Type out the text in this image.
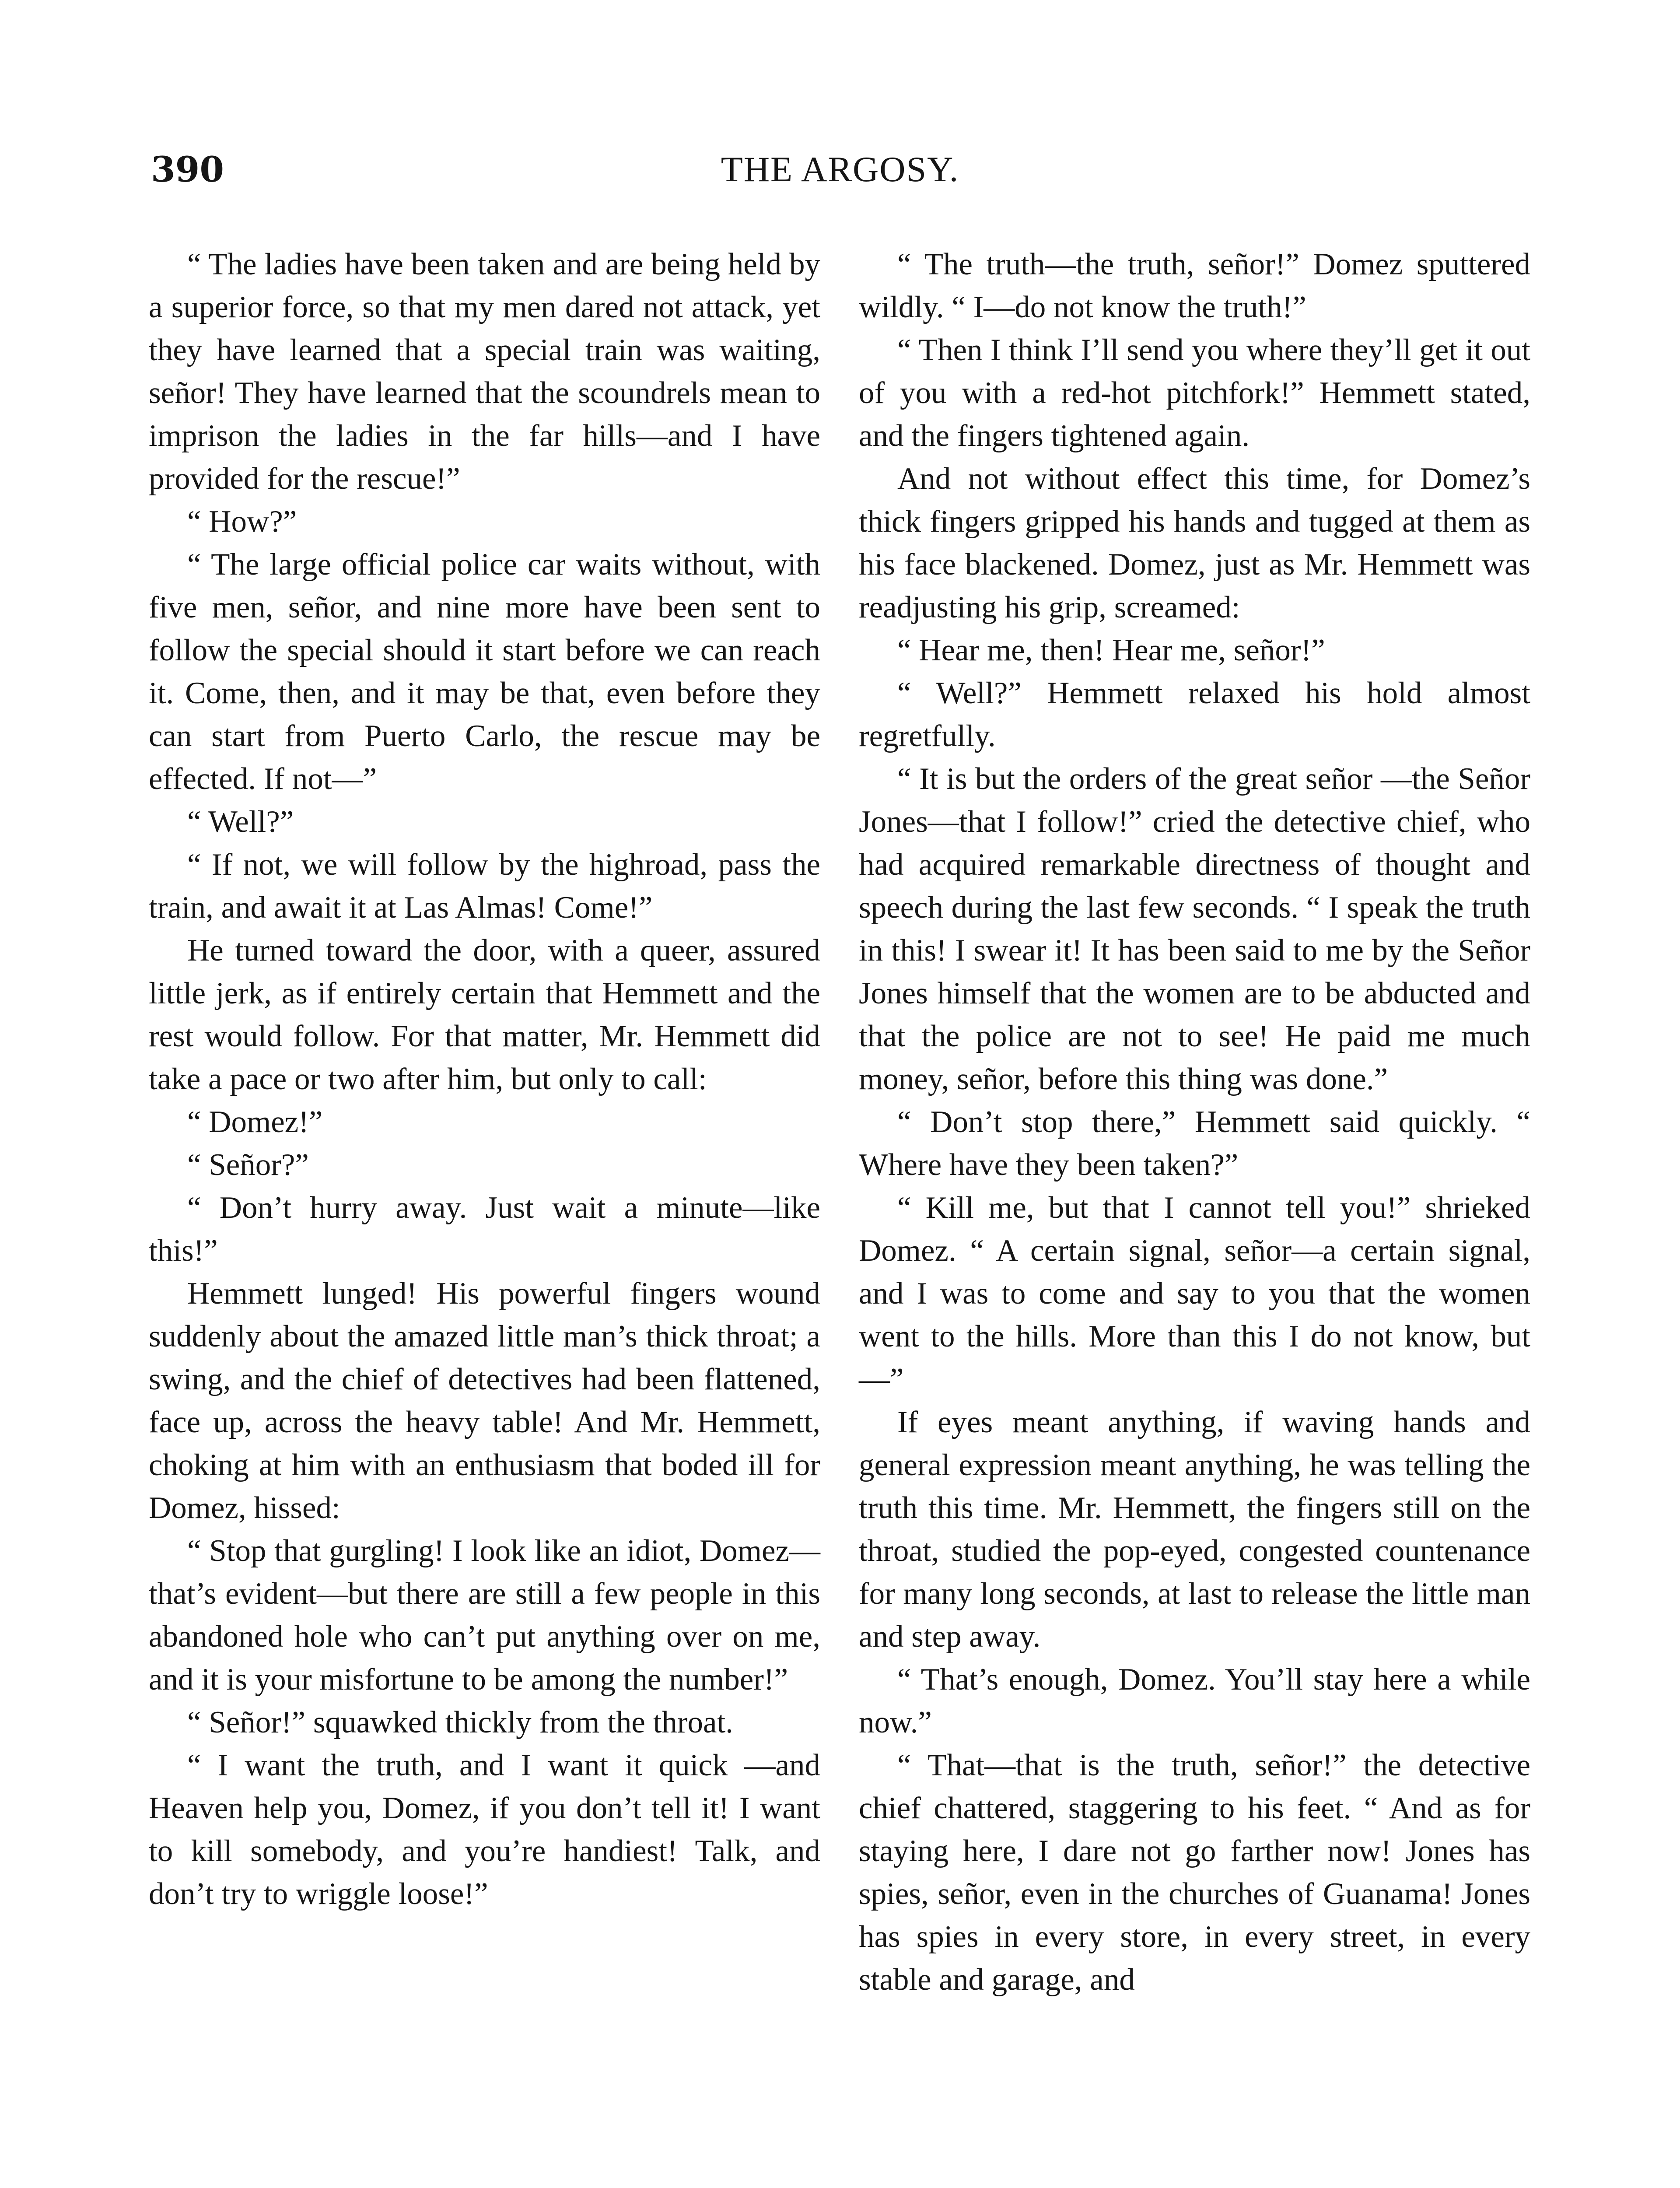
390	THE ARGOSY.

“ The ladies have been taken and are being held by a superior force, so that my men dared not attack, yet they have learned that a special train was waiting, señor! They have learned that the scoundrels mean to imprison the ladies in the far hills—and I have provided for the rescue!”

“ How?”

“ The large official police car waits without, with five men, señor, and nine more have been sent to follow the special should it start before we can reach it. Come, then, and it may be that, even before they can start from Puerto Carlo, the rescue may be effected. If not—”

“ Well?”

“ If not, we will follow by the highroad, pass the train, and await it at Las Almas! Come!”

He turned toward the door, with a queer, assured little jerk, as if entirely certain that Hemmett and the rest would follow. For that matter, Mr. Hemmett did take a pace or two after him, but only to call:

“ Domez!”

“ Señor?”

“ Don’t hurry away. Just wait a minute—like this!”

Hemmett lunged! His powerful fingers wound suddenly about the amazed little man’s thick throat; a swing, and the chief of detectives had been flattened, face up, across the heavy table! And Mr. Hemmett, choking at him with an enthusiasm that boded ill for Domez, hissed:

“ Stop that gurgling! I look like an idiot, Domez—that’s evident—but there are still a few people in this abandoned hole who can’t put anything over on me, and it is your misfortune to be among the number!”

“ Señor!” squawked thickly from the throat.

“ I want the truth, and I want it quick —and Heaven help you, Domez, if you don’t tell it! I want to kill somebody, and you’re handiest! Talk, and don’t try to wriggle loose!”

“ The truth—the truth, señor!” Domez sputtered wildly. “ I—do not know the truth!”

“ Then I think I’ll send you where they’ll get it out of you with a red-hot pitchfork!” Hemmett stated, and the fingers tightened again.

And not without effect this time, for Domez’s thick fingers gripped his hands and tugged at them as his face blackened. Domez, just as Mr. Hemmett was readjusting his grip, screamed:

“ Hear me, then! Hear me, señor!”

“ Well?” Hemmett relaxed his hold almost regretfully.

“ It is but the orders of the great señor —the Señor Jones—that I follow!” cried the detective chief, who had acquired remarkable directness of thought and speech during the last few seconds. “ I speak the truth in this! I swear it! It has been said to me by the Señor Jones himself that the women are to be abducted and that the police are not to see! He paid me much money, señor, before this thing was done.”

“ Don’t stop there,” Hemmett said quickly. “ Where have they been taken?”

“ Kill me, but that I cannot tell you!” shrieked Domez. “ A certain signal, señor—a certain signal, and I was to come and say to you that the women went to the hills. More than this I do not know, but—”

If eyes meant anything, if waving hands and general expression meant anything, he was telling the truth this time. Mr. Hemmett, the fingers still on the throat, studied the pop-eyed, congested countenance for many long seconds, at last to release the little man and step away.

“ That’s enough, Domez. You’ll stay here a while now.”

“ That—that is the truth, señor!” the detective chief chattered, staggering to his feet. “ And as for staying here, I dare not go farther now! Jones has spies, señor, even in the churches of Guanama! Jones has spies in every store, in every street, in every stable and garage, and
